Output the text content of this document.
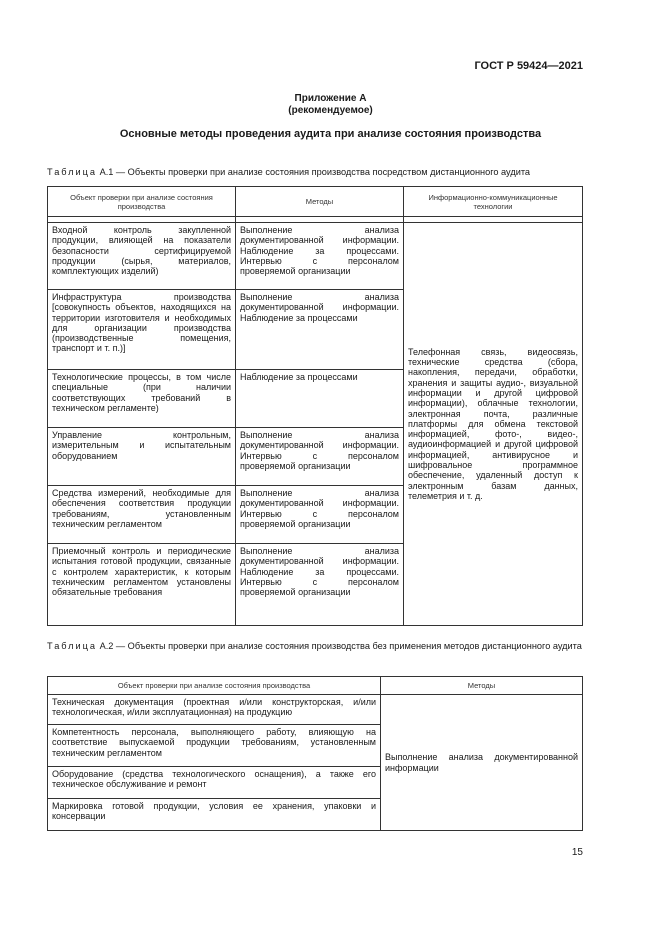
ГОСТ Р 59424—2021
Приложение А
(рекомендуемое)
Основные методы проведения аудита при анализе состояния производства
Таблица А.1 — Объекты проверки при анализе состояния производства посредством дистанционного аудита
Объект проверки при анализе состояния производства	Методы	Информационно-коммуникационные технологии

Входной контроль закупленной продукции, влияющей на показатели безопасности сертифицируемой продукции (сырья, материалов, комплектующих изделий)	Выполнение анализа документированной информации. Наблюдение за процессами. Интервью с персоналом проверяемой организации	Телефонная связь, видеосвязь, технические средства (сбора, накопления, передачи, обработки, хранения и защиты аудио-, визуальной информации и другой цифровой информации), облачные технологии, электронная почта, различные платформы для обмена текстовой информацией, фото-, видео-, аудиоинформацией и другой цифровой информацией, антивирусное и шифровальное программное обеспечение, удаленный доступ к электронным базам данных, телеметрия и т. д.
Инфраструктура производства [совокупность объектов, находящихся на территории изготовителя и необходимых для организации производства (производственные помещения, транспорт и т. п.)]	Выполнение анализа документированной информации. Наблюдение за процессами	
Технологические процессы, в том числе специальные (при наличии соответствующих требований в техническом регламенте)	Наблюдение за процессами	
Управление контрольным, измерительным и испытательным оборудованием	Выполнение анализа документированной информации. Интервью с персоналом проверяемой организации	
Средства измерений, необходимые для обеспечения соответствия продукции требованиям, установленным техническим регламентом	Выполнение анализа документированной информации. Интервью с персоналом проверяемой организации	
Приемочный контроль и периодические испытания готовой продукции, связанные с контролем характеристик, к которым техническим регламентом установлены обязательные требования	Выполнение анализа документированной информации. Наблюдение за процессами. Интервью с персоналом проверяемой организации	
Таблица А.2 — Объекты проверки при анализе состояния производства без применения методов дистанционного аудита
Объект проверки при анализе состояния производства	Методы
Техническая документация (проектная и/или конструкторская, и/или технологическая, и/или эксплуатационная) на продукцию	Выполнение анализа документированной информации
Компетентность персонала, выполняющего работу, влияющую на соответствие выпускаемой продукции требованиям, установленным техническим регламентом	
Оборудование (средства технологического оснащения), а также его техническое обслуживание и ремонт	
Маркировка готовой продукции, условия ее хранения, упаковки и консервации	
15
